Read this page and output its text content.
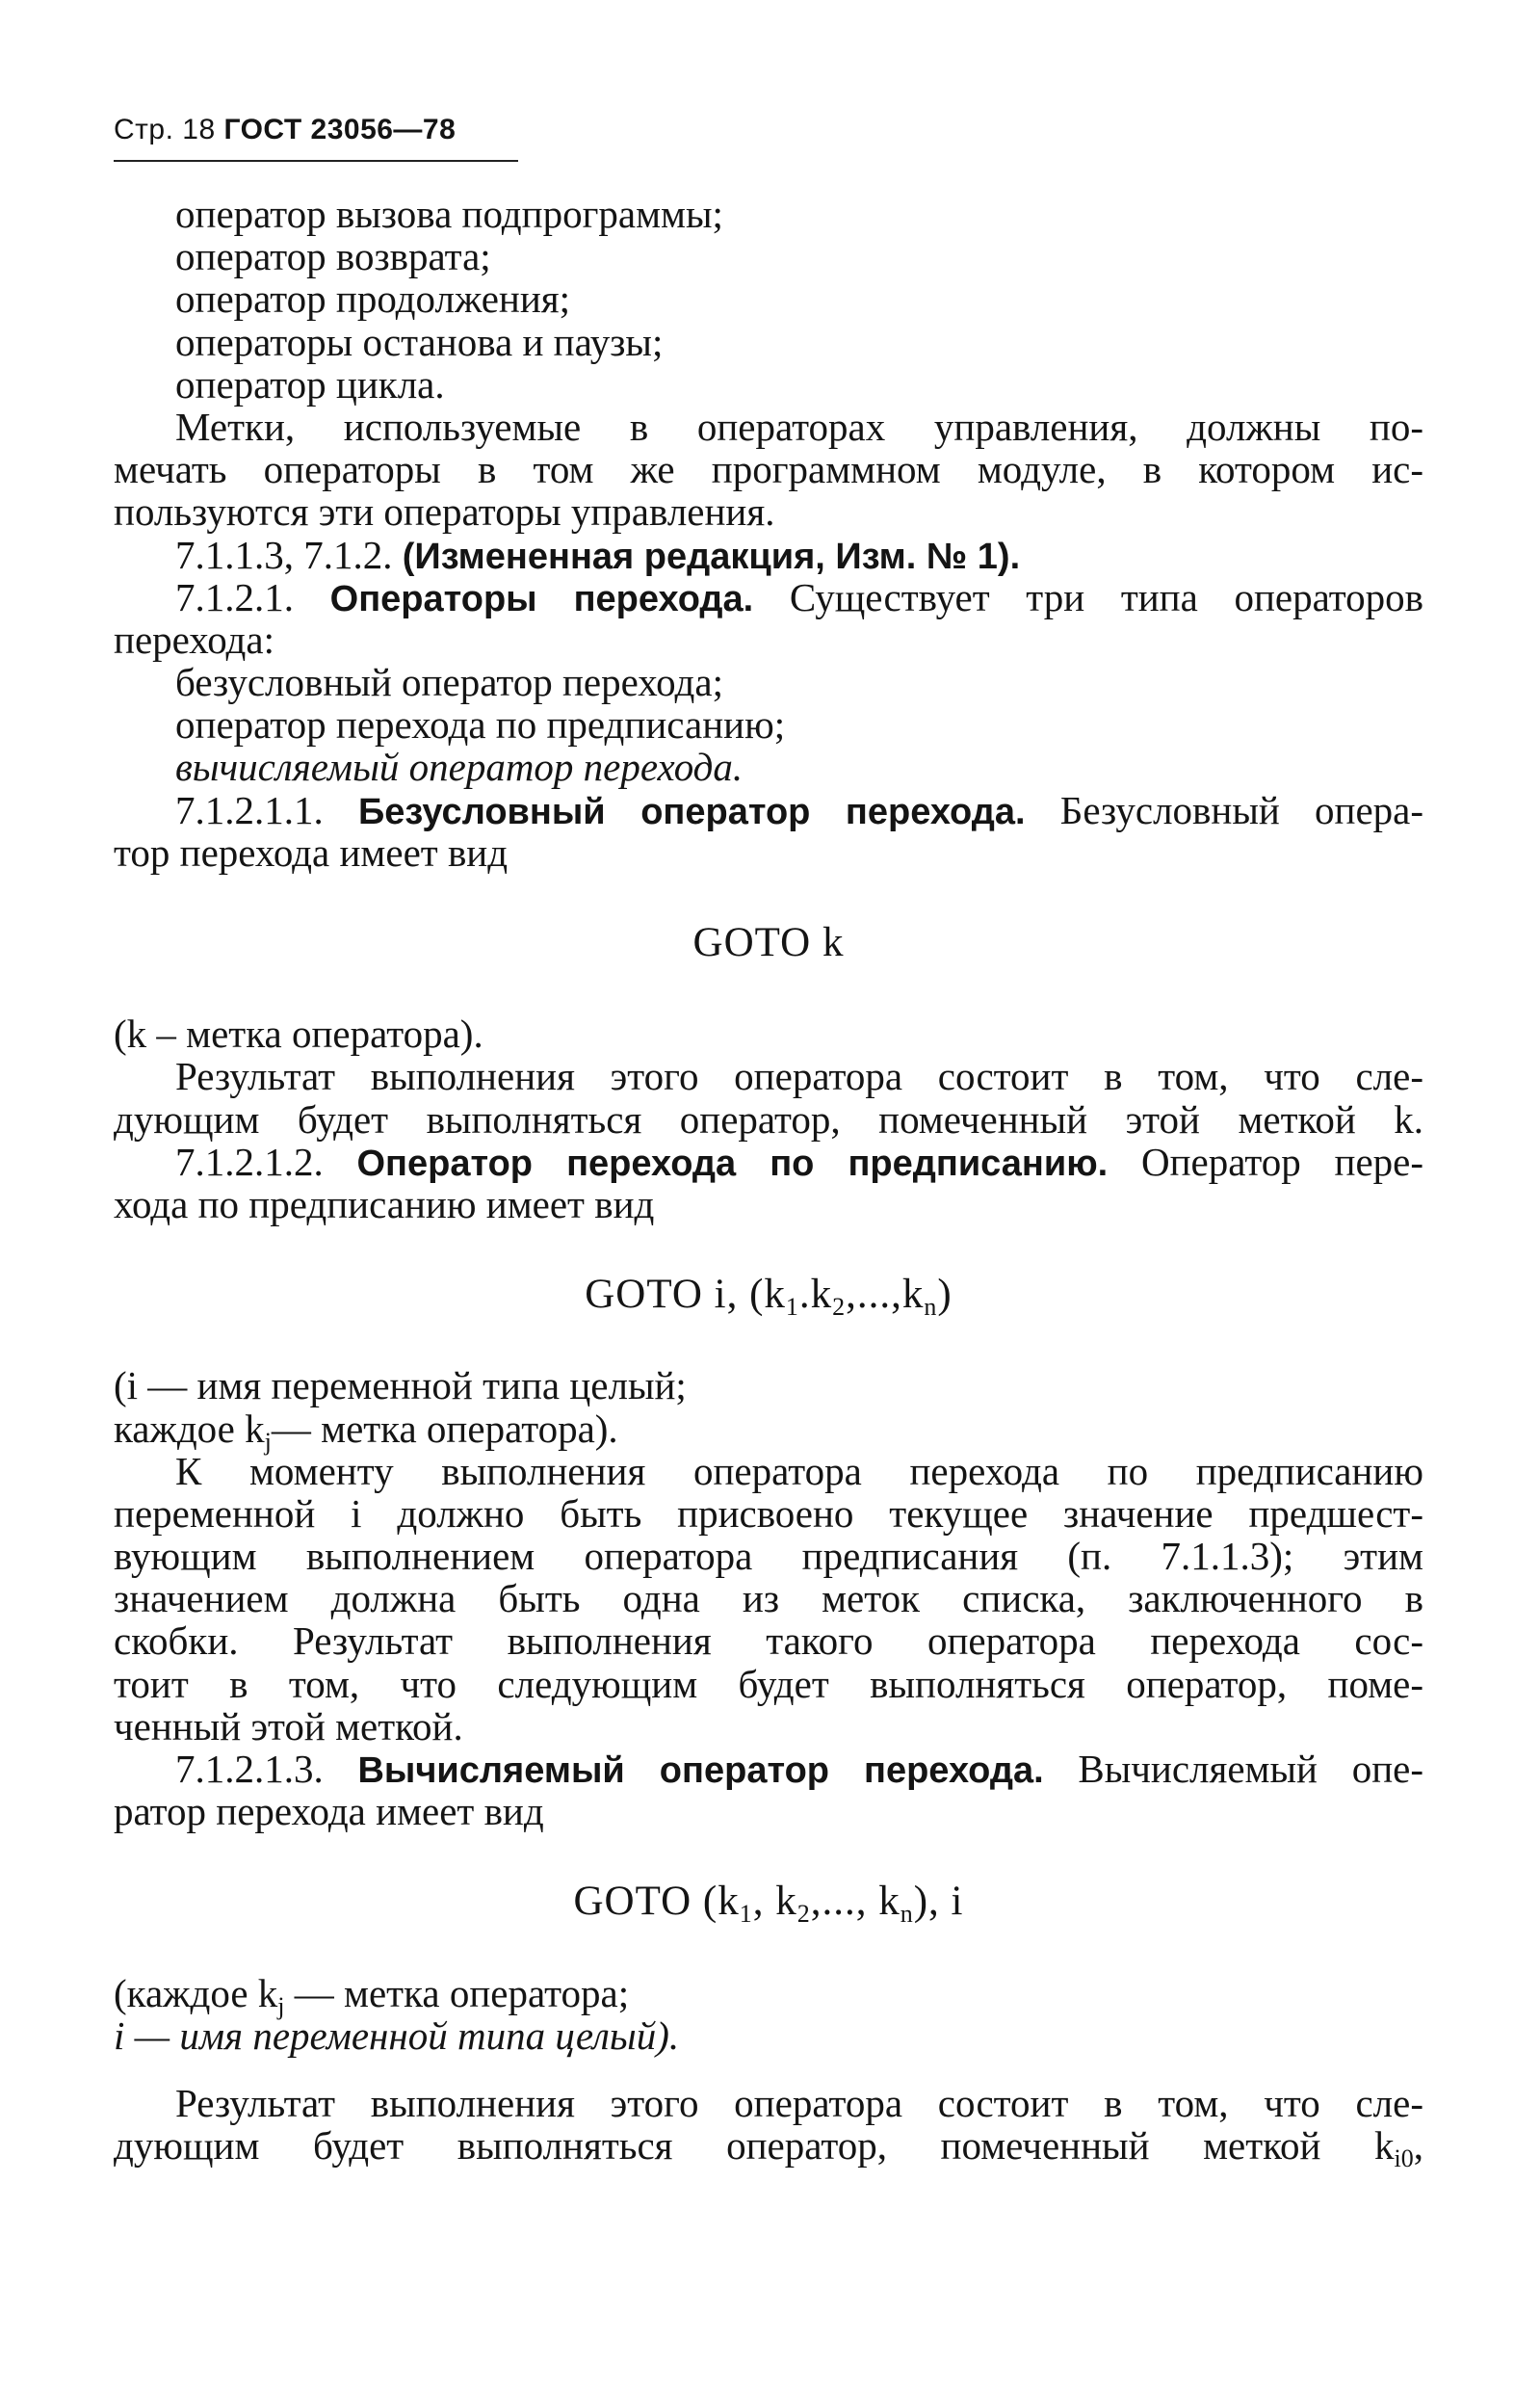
Стр. 18 ГОСТ 23056—78
оператор вызова подпрограммы;
оператор возврата;
оператор продолжения;
операторы останова и паузы;
оператор цикла.
Метки, используемые в операторах управления, должны по-
мечать операторы в том же программном модуле, в котором ис-
пользуются эти операторы управления.
7.1.1.3, 7.1.2. (Измененная редакция, Изм. № 1).
7.1.2.1. Операторы перехода. Существует три типа операторов
перехода:
безусловный оператор перехода;
оператор перехода по предписанию;
вычисляемый оператор перехода.
7.1.2.1.1. Безусловный оператор перехода. Безусловный опера-
тор перехода имеет вид
GOTO k
(k – метка оператора).
Результат выполнения этого оператора состоит в том, что сле-
дующим будет выполняться оператор, помеченный этой меткой k.
7.1.2.1.2. Оператор перехода по предписанию. Оператор пере-
хода по предписанию имеет вид
GOTO i, $(k_1.k_2,...,k_n)$
(i — имя переменной типа целый;
каждое $k_j—$ метка оператора).
К моменту выполнения оператора перехода по предписанию
переменной i должно быть присвоено текущее значение предшест-
вующим выполнением оператора предписания (п. 7.1.1.3); этим
значением должна быть одна из меток списка, заключенного в
скобки. Результат выполнения такого оператора перехода сос-
тоит в том, что следующим будет выполняться оператор, поме-
ченный этой меткой.
7.1.2.1.3. Вычисляемый оператор перехода. Вычисляемый опе-
ратор перехода имеет вид
GOTO ($k_1$, $k_2$,..., $k_n$), i
(каждое $k_j$ — метка оператора;
i — имя переменной типа целый).
Результат выполнения этого оператора состоит в том, что сле-
дующим будет выполняться оператор, помеченный меткой $k_{i0}$,
